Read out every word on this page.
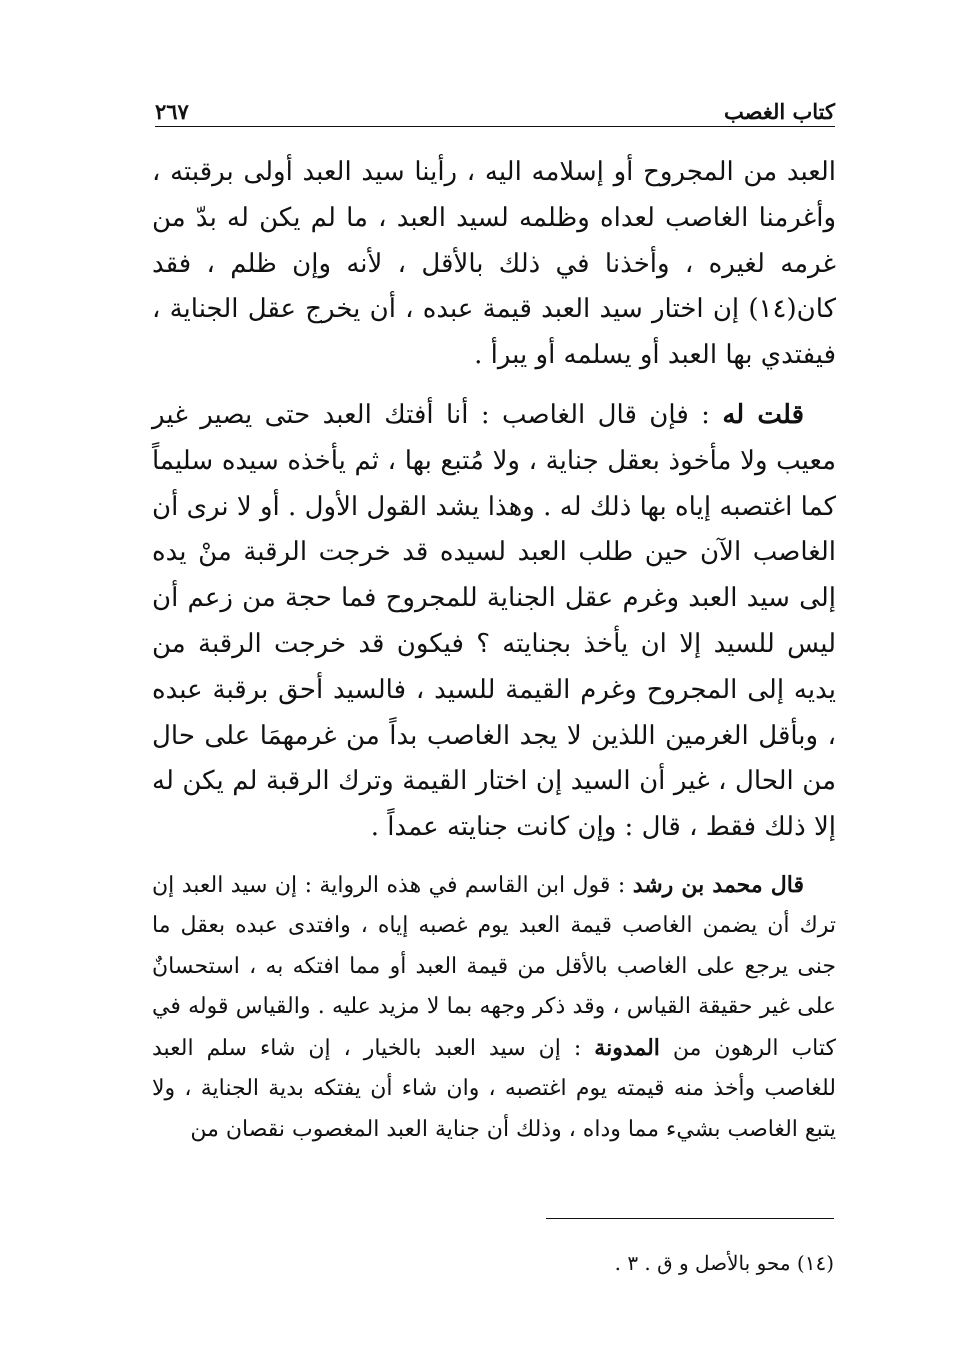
كتاب الغصب
٢٦٧

العبد من المجروح أو إسلامه اليه ، رأينا سيد العبد أولى برقبته ، وأغرمنا الغاصب لعداه وظلمه لسيد العبد ، ما لم يكن له بدّ من غرمه لغيره ، وأخذنا في ذلك بالأقل ، لأنه وإن ظلم ، فقد كان(١٤) إن اختار سيد العبد قيمة عبده ، أن يخرج عقل الجناية ، فيفتدي بها العبد أو يسلمه أو يبرأ .

قلت له : فإن قال الغاصب : أنا أفتك العبد حتى يصير غير معيب ولا مأخوذ بعقل جناية ، ولا مُتبع بها ، ثم يأخذه سيده سليماً كما اغتصبه إياه بها ذلك له . وهذا يشد القول الأول . أو لا نرى أن الغاصب الآن حين طلب العبد لسيده قد خرجت الرقبة منْ يده إلى سيد العبد وغرم عقل الجناية للمجروح فما حجة من زعم أن ليس للسيد إلا ان يأخذ بجنايته ؟ فيكون قد خرجت الرقبة من يديه إلى المجروح وغرم القيمة للسيد ، فالسيد أحق برقبة عبده ، وبأقل الغرمين اللذين لا يجد الغاصب بداً من غرمهمَا على حال من الحال ، غير أن السيد إن اختار القيمة وترك الرقبة لم يكن له إلا ذلك فقط ، قال : وإن كانت جنايته عمداً .

قال محمد بن رشد : قول ابن القاسم في هذه الرواية : إن سيد العبد إن ترك أن يضمن الغاصب قيمة العبد يوم غصبه إياه ، وافتدى عبده بعقل ما جنى يرجع على الغاصب بالأقل من قيمة العبد أو مما افتكه به ، استحسانٌ على غير حقيقة القياس ، وقد ذكر وجهه بما لا مزيد عليه . والقياس قوله في كتاب الرهون من المدونة : إن سيد العبد بالخيار ، إن شاء سلم العبد للغاصب وأخذ منه قيمته يوم اغتصبه ، وان شاء أن يفتكه بدية الجناية ، ولا يتبع الغاصب بشيء مما وداه ، وذلك أن جناية العبد المغصوب نقصان من

(١٤) محو بالأصل و ق . ٣ .
